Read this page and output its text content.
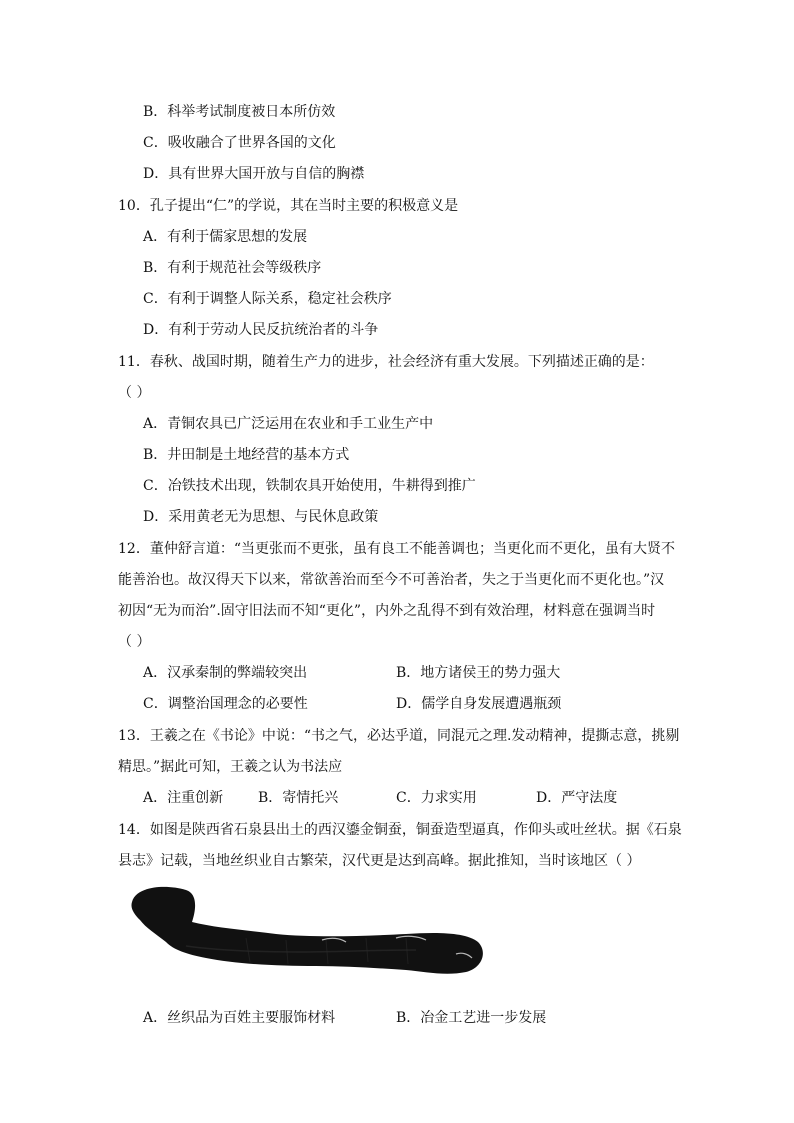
B．科举考试制度被日本所仿效
C．吸收融合了世界各国的文化
D．具有世界大国开放与自信的胸襟
10．孔子提出“仁”的学说，其在当时主要的积极意义是
A．有利于儒家思想的发展
B．有利于规范社会等级秩序
C．有利于调整人际关系，稳定社会秩序
D．有利于劳动人民反抗统治者的斗争
11．春秋、战国时期，随着生产力的进步，社会经济有重大发展。下列描述正确的是：
（ ）
A．青铜农具已广泛运用在农业和手工业生产中
B．井田制是土地经营的基本方式
C．冶铁技术出现，铁制农具开始使用，牛耕得到推广
D．采用黄老无为思想、与民休息政策
12．董仲舒言道：“当更张而不更张，虽有良工不能善调也；当更化而不更化，虽有大贤不
能善治也。故汉得天下以来，常欲善治而至今不可善治者，失之于当更化而不更化也。”汉
初因“无为而治”.固守旧法而不知“更化”，内外之乱得不到有效治理，材料意在强调当时
（ ）
A．汉承秦制的弊端较突出	B．地方诸侯王的势力强大
C．调整治国理念的必要性	D．儒学自身发展遭遇瓶颈
13．王羲之在《书论》中说：“书之气，必达乎道，同混元之理.发动精神，提撕志意，挑剔
精思。”据此可知，王羲之认为书法应
A．注重创新 B．寄情托兴	C．力求实用	D．严守法度
14．如图是陕西省石泉县出土的西汉鎏金铜蚕，铜蚕造型逼真，作仰头或吐丝状。据《石泉
县志》记载，当地丝织业自古繁荣，汉代更是达到高峰。据此推知，当时该地区（ ）
A．丝织品为百姓主要服饰材料	B．冶金工艺进一步发展
